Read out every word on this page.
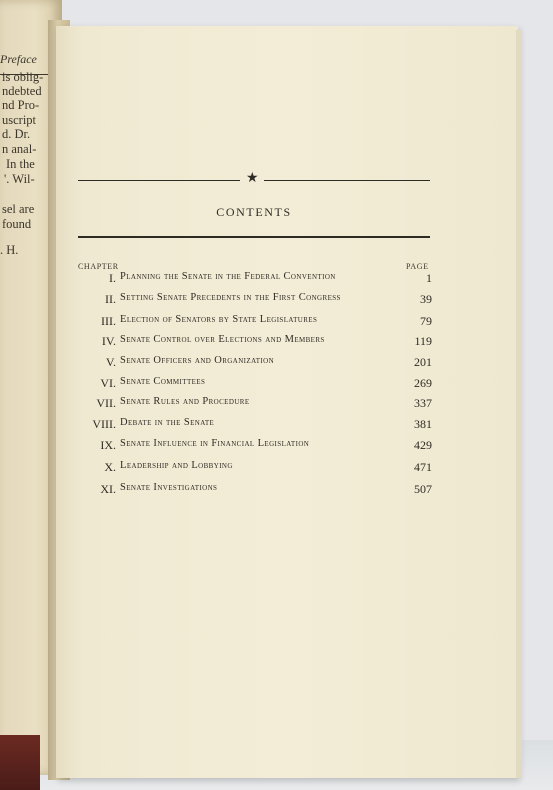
Preface
is oblig-
ndebted
nd Pro-
uscript
d. Dr.
n anal-
In the
'. Wil-
sel are
found
. H.
★
CONTENTS
CHAPTER	PAGE
I. Planning the Senate in the Federal Convention	1
II. Setting Senate Precedents in the First Congress	39
III. Election of Senators by State Legislatures	79
IV. Senate Control over Elections and Members	119
V. Senate Officers and Organization	201
VI. Senate Committees	269
VII. Senate Rules and Procedure	337
VIII. Debate in the Senate	381
IX. Senate Influence in Financial Legislation	429
X. Leadership and Lobbying	471
XI. Senate Investigations	507
